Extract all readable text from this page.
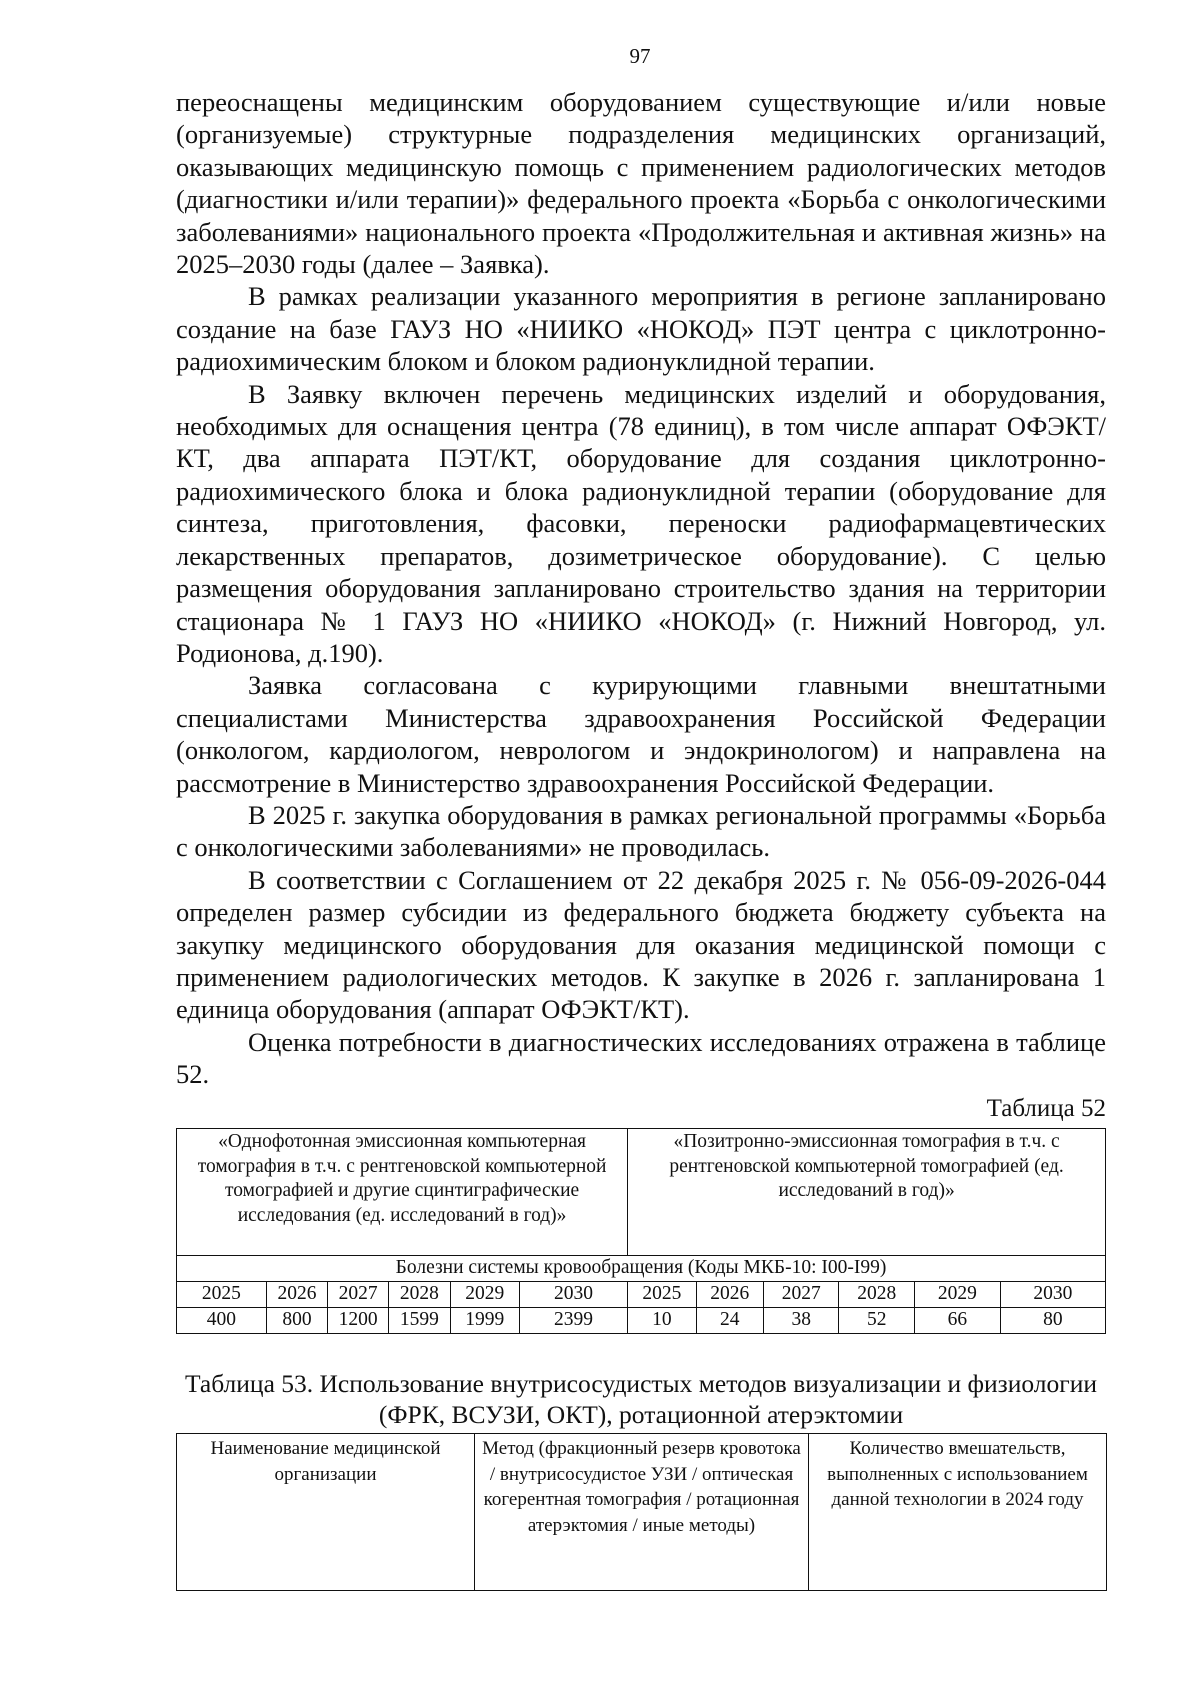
97

переоснащены медицинским оборудованием существующие и/или новые (организуемые) структурные подразделения медицинских организаций, оказывающих медицинскую помощь с применением радиологических методов (диагностики и/или терапии)» федерального проекта «Борьба с онкологическими заболеваниями» национального проекта «Продолжительная и активная жизнь» на 2025–2030 годы (далее – Заявка).

В рамках реализации указанного мероприятия в регионе запланировано создание на базе ГАУЗ НО «НИИКО «НОКОД» ПЭТ центра с циклотронно-радиохимическим блоком и блоком радионуклидной терапии.

В Заявку включен перечень медицинских изделий и оборудования, необходимых для оснащения центра (78 единиц), в том числе аппарат ОФЭКТ/КТ, два аппарата ПЭТ/КТ, оборудование для создания циклотронно-радиохимического блока и блока радионуклидной терапии (оборудование для синтеза, приготовления, фасовки, переноски радиофармацевтических лекарственных препаратов, дозиметрическое оборудование). С целью размещения оборудования запланировано строительство здания на территории стационара № 1 ГАУЗ НО «НИИКО «НОКОД» (г. Нижний Новгород, ул. Родионова, д.190).

Заявка согласована с курирующими главными внештатными специалистами Министерства здравоохранения Российской Федерации (онкологом, кардиологом, неврологом и эндокринологом) и направлена на рассмотрение в Министерство здравоохранения Российской Федерации.

В 2025 г. закупка оборудования в рамках региональной программы «Борьба с онкологическими заболеваниями» не проводилась.

В соответствии с Соглашением от 22 декабря 2025 г. № 056-09-2026-044 определен размер субсидии из федерального бюджета бюджету субъекта на закупку медицинского оборудования для оказания медицинской помощи с применением радиологических методов. К закупке в 2026 г. запланирована 1 единица оборудования (аппарат ОФЭКТ/КТ).

Оценка потребности в диагностических исследованиях отражена в таблице 52.

Таблица 52
«Однофотонная эмиссионная компьютерная томография в т.ч. с рентгеновской компьютерной томографией и другие сцинтиграфические исследования (ед. исследований в год)»						«Позитронно-эмиссионная томография в т.ч. с рентгеновской компьютерной томографией (ед. исследований в год)»					
Болезни системы кровообращения (Коды МКБ-10: I00-I99)											
2025	2026	2027	2028	2029	2030	2025	2026	2027	2028	2029	2030
400	800	1200	1599	1999	2399	10	24	38	52	66	80
Таблица 53. Использование внутрисосудистых методов визуализации и физиологии (ФРК, ВСУЗИ, ОКТ), ротационной атерэктомии
Наименование медицинской организации	Метод (фракционный резерв кровотока / внутрисосудистое УЗИ / оптическая когерентная томография / ротационная атерэктомия / иные методы)	Количество вмешательств, выполненных с использованием данной технологии в 2024 году
